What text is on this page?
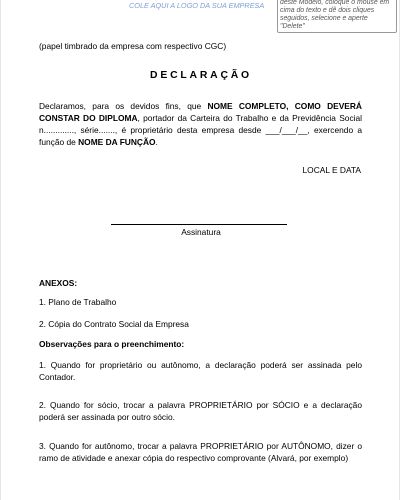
COLE AQUI A LOGO DA SUA EMPRESA	deste Modelo, coloque o mouse em cima do texto e dê dois cliques seguidos, selecione e aperte "Delete"
(papel timbrado da empresa com respectivo CGC)
DECLARAÇÃO
Declaramos, para os devidos fins, que NOME COMPLETO, COMO DEVERÁ CONSTAR DO DIPLOMA, portador da Carteira do Trabalho e da Previdência Social n............., série......., é proprietário desta empresa desde ___/___/__, exercendo a função de NOME DA FUNÇÃO.
LOCAL E DATA
Assinatura
ANEXOS:
1. Plano de Trabalho
2. Cópia do Contrato Social da Empresa
Observações para o preenchimento:
1. Quando for proprietário ou autônomo, a declaração poderá ser assinada pelo Contador.
2. Quando for sócio, trocar a palavra PROPRIETÁRIO por SÓCIO e a declaração poderá ser assinada por outro sócio.
3. Quando for autônomo, trocar a palavra PROPRIETÁRIO por AUTÔNOMO, dizer o ramo de atividade e anexar cópia do respectivo comprovante (Alvará, por exemplo)
